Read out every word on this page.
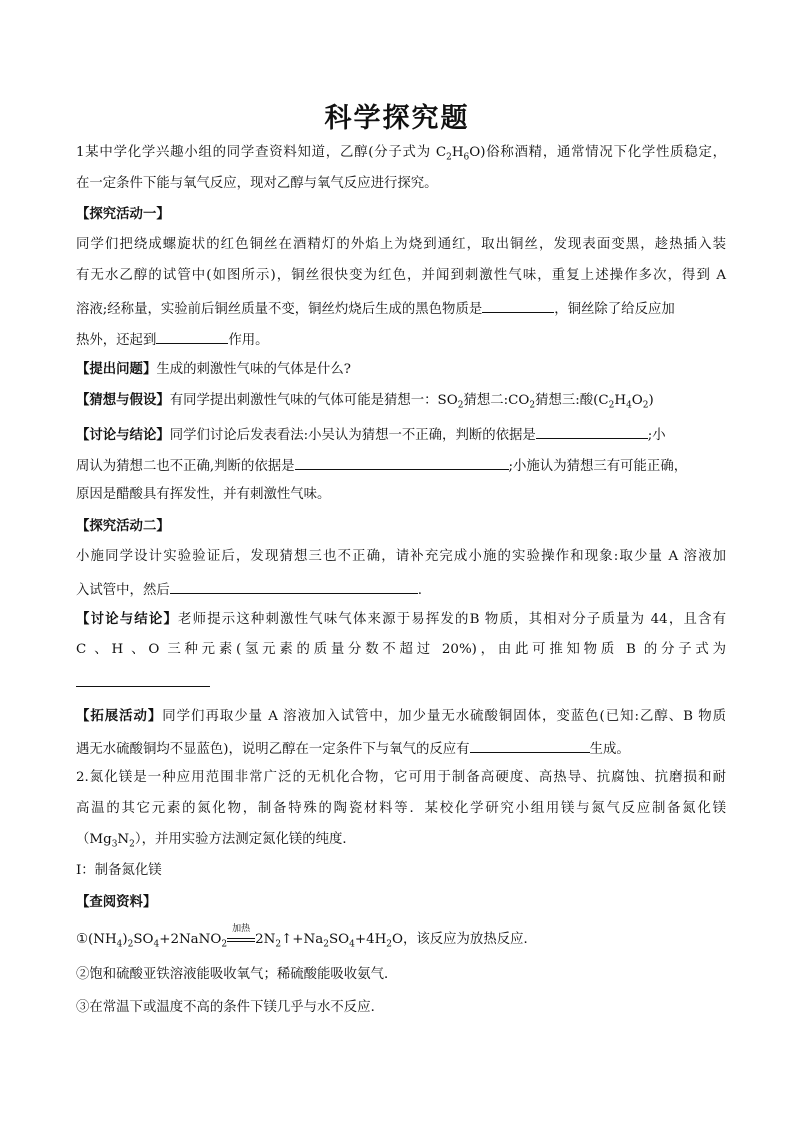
科学探究题
1某中学化学兴趣小组的同学查资料知道，乙醇(分子式为 $C_2H_6O$)俗称酒精，通常情况下化学性质稳定，
在一定条件下能与氧气反应，现对乙醇与氧气反应进行探究。
【探究活动一】
同学们把绕成螺旋状的红色铜丝在酒精灯的外焰上为烧到通红，取出铜丝，发现表面变黑，趁热插入装
有无水乙醇的试管中(如图所示)，铜丝很快变为红色，并闻到刺激性气味，重复上述操作多次，得到 A
溶液;经称量，实验前后铜丝质量不变，铜丝灼烧后生成的黑色物质是	，铜丝除了给反应加
热外，还起到	作用。
【提出问题】生成的刺激性气味的气体是什么?
【猜想与假设】有同学提出刺激性气味的气体可能是猜想一：$SO_2$猜想二$:CO_2$猜想三:酸$(C_2H_4O_2)$
【讨论与结论】同学们讨论后发表看法:小吴认为猜想一不正确，判断的依据是	;小
周认为猜想二也不正确,判断的依据是	;小施认为猜想三有可能正确，
原因是醋酸具有挥发性，并有刺激性气味。
【探究活动二】
小施同学设计实验验证后，发现猜想三也不正确，请补充完成小施的实验操作和现象:取少量 A 溶液加
入试管中，然后	.
【讨论与结论】老师提示这种刺激性气味气体来源于易挥发的B 物质，其相对分子质量为 44，且含有
C 、H 、O 三种元素(氢元素的质量分数不超过 20%)，由此可推知物质 B 的分子式为
【拓展活动】同学们再取少量 A 溶液加入试管中，加少量无水硫酸铜固体，变蓝色(已知:乙醇、B 物质
遇无水硫酸铜均不显蓝色)，说明乙醇在一定条件下与氧气的反应有	生成。
2.氮化镁是一种应用范围非常广泛的无机化合物，它可用于制备高硬度、高热导、抗腐蚀、抗磨损和耐
高温的其它元素的氮化物，制备特殊的陶瓷材料等．某校化学研究小组用镁与氮气反应制备氮化镁
$(Mg_3N_2)$，并用实验方法测定氮化镁的纯度．
Ⅰ：制备氮化镁
【查阅资料】
$①(NH_4)_2SO_4+2NaNO_2$
加热
$2N_2↑+Na_2SO_4+4H_2O$，该反应为放热反应．
②饱和硫酸亚铁溶液能吸收氧气；稀硫酸能吸收氨气．
③在常温下或温度不高的条件下镁几乎与水不反应．
